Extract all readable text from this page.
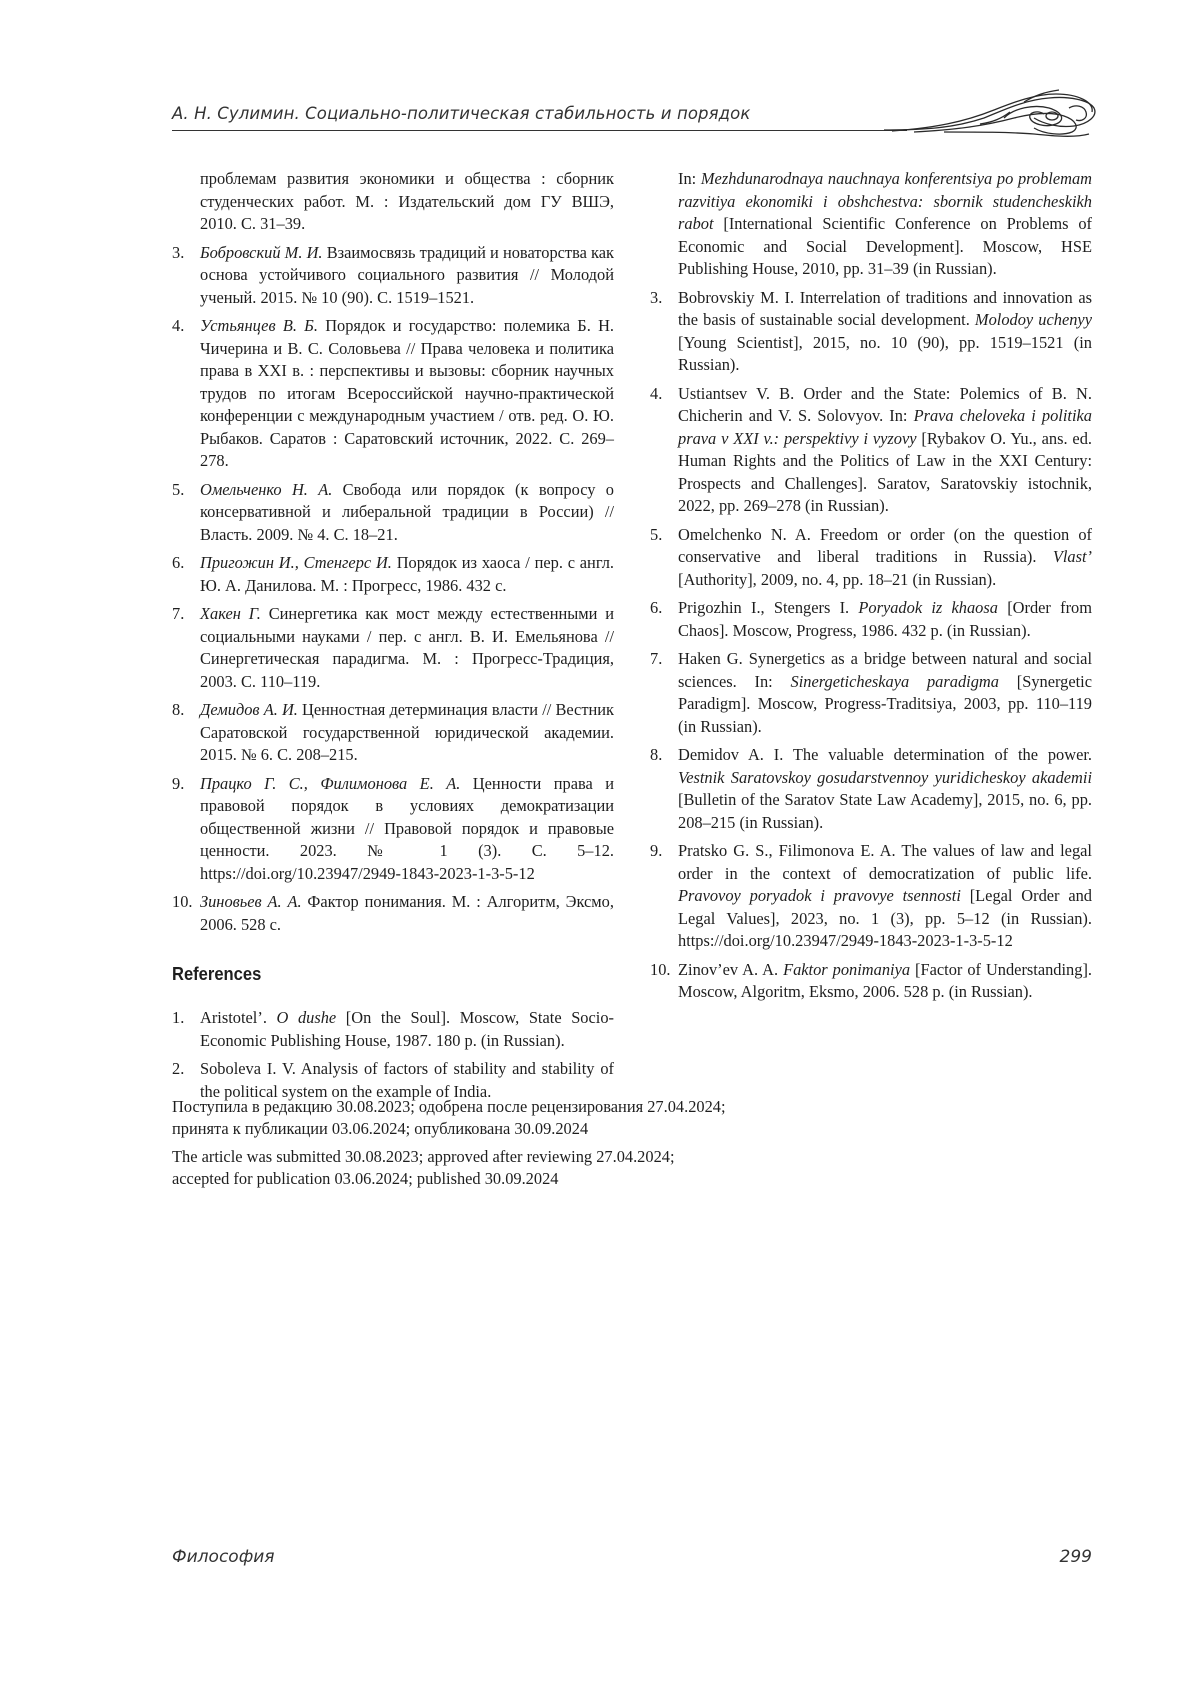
А. Н. Сулимин. Социально-политическая стабильность и порядок
проблемам развития экономики и общества : сборник студенческих работ. М. : Издательский дом ГУ ВШЭ, 2010. С. 31–39.
3. Бобровский М. И. Взаимосвязь традиций и новаторства как основа устойчивого социального развития // Молодой ученый. 2015. № 10 (90). С. 1519–1521.
4. Устьянцев В. Б. Порядок и государство: полемика Б. Н. Чичерина и В. С. Соловьева // Права человека и политика права в XXI в. : перспективы и вызовы: сборник научных трудов по итогам Всероссийской научно-практической конференции с международным участием / отв. ред. О. Ю. Рыбаков. Саратов : Саратовский источник, 2022. С. 269–278.
5. Омельченко Н. А. Свобода или порядок (к вопросу о консервативной и либеральной традиции в России) // Власть. 2009. № 4. С. 18–21.
6. Пригожин И., Стенгерс И. Порядок из хаоса / пер. с англ. Ю. А. Данилова. М. : Прогресс, 1986. 432 с.
7. Хакен Г. Синергетика как мост между естественными и социальными науками / пер. с англ. В. И. Емельянова // Синергетическая парадигма. М. : Прогресс-Традиция, 2003. С. 110–119.
8. Демидов А. И. Ценностная детерминация власти // Вестник Саратовской государственной юридической академии. 2015. № 6. С. 208–215.
9. Працко Г. С., Филимонова Е. А. Ценности права и правовой порядок в условиях демократизации общественной жизни // Правовой порядок и правовые ценности. 2023. № 1 (3). С. 5–12. https://doi.org/10.23947/2949-1843-2023-1-3-5-12
10. Зиновьев А. А. Фактор понимания. М. : Алгоритм, Эксмо, 2006. 528 с.
References
1. Aristotel’. O dushe [On the Soul]. Moscow, State Socio-Economic Publishing House, 1987. 180 p. (in Russian).
2. Soboleva I. V. Analysis of factors of stability and stability of the political system on the example of India.
In: Mezhdunarodnaya nauchnaya konferentsiya po problemam razvitiya ekonomiki i obshchestva: sbornik studencheskikh rabot [International Scientific Conference on Problems of Economic and Social Development]. Moscow, HSE Publishing House, 2010, pp. 31–39 (in Russian).
3. Bobrovskiy M. I. Interrelation of traditions and innovation as the basis of sustainable social development. Molodoy uchenyy [Young Scientist], 2015, no. 10 (90), pp. 1519–1521 (in Russian).
4. Ustiantsev V. B. Order and the State: Polemics of B. N. Chicherin and V. S. Solovyov. In: Prava cheloveka i politika prava v XXI v.: perspektivy i vyzovy [Rybakov O. Yu., ans. ed. Human Rights and the Politics of Law in the XXI Century: Prospects and Challenges]. Saratov, Saratovskiy istochnik, 2022, pp. 269–278 (in Russian).
5. Omelchenko N. A. Freedom or order (on the question of conservative and liberal traditions in Russia). Vlast’ [Authority], 2009, no. 4, pp. 18–21 (in Russian).
6. Prigozhin I., Stengers I. Poryadok iz khaosa [Order from Chaos]. Moscow, Progress, 1986. 432 p. (in Russian).
7. Haken G. Synergetics as a bridge between natural and social sciences. In: Sinergeticheskaya paradigma [Synergetic Paradigm]. Moscow, Progress-Traditsiya, 2003, pp. 110–119 (in Russian).
8. Demidov A. I. The valuable determination of the power. Vestnik Saratovskoy gosudarstvennoy yuridicheskoy akademii [Bulletin of the Saratov State Law Academy], 2015, no. 6, pp. 208–215 (in Russian).
9. Pratsko G. S., Filimonova E. A. The values of law and legal order in the context of democratization of public life. Pravovoy poryadok i pravovye tsennosti [Legal Order and Legal Values], 2023, no. 1 (3), pp. 5–12 (in Russian). https://doi.org/10.23947/2949-1843-2023-1-3-5-12
10. Zinov’ev A. A. Faktor ponimaniya [Factor of Understanding]. Moscow, Algoritm, Eksmo, 2006. 528 p. (in Russian).

Поступила в редакцию 30.08.2023; одобрена после рецензирования 27.04.2024;
принята к публикации 03.06.2024; опубликована 30.09.2024

The article was submitted 30.08.2023; approved after reviewing 27.04.2024;
accepted for publication 03.06.2024; published 30.09.2024

Философия	299
